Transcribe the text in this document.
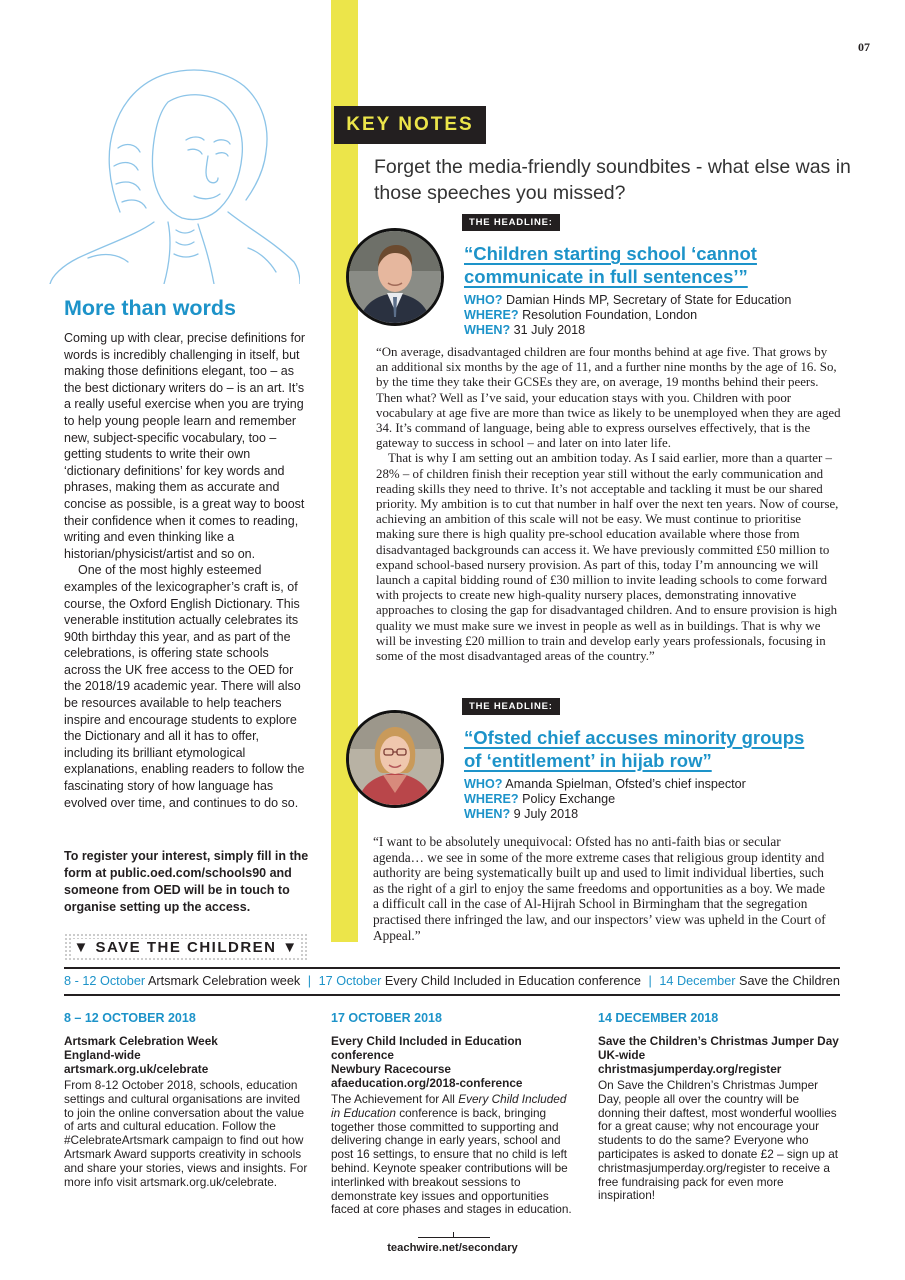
07
KEY NOTES
Forget the media-friendly soundbites - what else was in those speeches you missed?
THE HEADLINE:
“Children starting school ‘cannot
communicate in full sentences’”
WHO? Damian Hinds MP, Secretary of State for Education
WHERE? Resolution Foundation, London
WHEN? 31 July 2018

“On average, disadvantaged children are four months behind at age five. That grows by an additional six months by the age of 11, and a further nine months by the age of 16. So, by the time they take their GCSEs they are, on average, 19 months behind their peers. Then what? Well as I’ve said, your education stays with you. Children with poor vocabulary at age five are more than twice as likely to be unemployed when they are aged 34. It’s command of language, being able to express ourselves effectively, that is the gateway to success in school – and later on into later life.

That is why I am setting out an ambition today. As I said earlier, more than a quarter – 28% – of children finish their reception year still without the early communication and reading skills they need to thrive. It’s not acceptable and tackling it must be our shared priority. My ambition is to cut that number in half over the next ten years. Now of course, achieving an ambition of this scale will not be easy. We must continue to prioritise making sure there is high quality pre-school education available where those from disadvantaged backgrounds can access it. We have previously committed £50 million to expand school-based nursery provision. As part of this, today I’m announcing we will launch a capital bidding round of £30 million to invite leading schools to come forward with projects to create new high-quality nursery places, demonstrating innovative approaches to closing the gap for disadvantaged children. And to ensure provision is high quality we must make sure we invest in people as well as in buildings. That is why we will be investing £20 million to train and develop early years professionals, focusing in some of the most disadvantaged areas of the country.”

THE HEADLINE:
“Ofsted chief accuses minority groups
of ‘entitlement’ in hijab row”
WHO? Amanda Spielman, Ofsted’s chief inspector
WHERE? Policy Exchange
WHEN? 9 July 2018

“I want to be absolutely unequivocal: Ofsted has no anti-faith bias or secular agenda… we see in some of the more extreme cases that religious group identity and authority are being systematically built up and used to limit individual liberties, such as the right of a girl to enjoy the same freedoms and opportunities as a boy. We made a difficult call in the case of Al-Hijrah School in Birmingham that the segregation practised there infringed the law, and our inspectors’ view was upheld in the Court of Appeal.”

More than words

Coming up with clear, precise definitions for words is incredibly challenging in itself, but making those definitions elegant, too – as the best dictionary writers do – is an art. It’s a really useful exercise when you are trying to help young people learn and remember new, subject-specific vocabulary, too – getting students to write their own ‘dictionary definitions’ for key words and phrases, making them as accurate and concise as possible, is a great way to boost their confidence when it comes to reading, writing and even thinking like a historian/physicist/artist and so on.

One of the most highly esteemed examples of the lexicographer’s craft is, of course, the Oxford English Dictionary. This venerable institution actually celebrates its 90th birthday this year, and as part of the celebrations, is offering state schools across the UK free access to the OED for the 2018/19 academic year. There will also be resources available to help teachers inspire and encourage students to explore the Dictionary and all it has to offer, including its brilliant etymological explanations, enabling readers to follow the fascinating story of how language has evolved over time, and continues to do so.

To register your interest, simply fill in the form at public.oed.com/schools90 and someone from OED will be in touch to organise setting up the access.
▼ SAVE THE CHILDREN ▼
8 - 12 October Artsmark Celebration week | 17 October Every Child Included in Education conference | 14 December Save the Children
8 – 12 OCTOBER 2018
Artsmark Celebration Week
England-wide
artsmark.org.uk/celebrate
From 8-12 October 2018, schools, education settings and cultural organisations are invited to join the online conversation about the value of arts and cultural education. Follow the #CelebrateArtsmark campaign to find out how Artsmark Award supports creativity in schools and share your stories, views and insights. For more info visit artsmark.org.uk/celebrate.
17 OCTOBER 2018
Every Child Included in Education conference
Newbury Racecourse
afaeducation.org/2018-conference
The Achievement for All Every Child Included in Education conference is back, bringing together those committed to supporting and delivering change in early years, school and post 16 settings, to ensure that no child is left behind. Keynote speaker contributions will be interlinked with breakout sessions to demonstrate key issues and opportunities faced at core phases and stages in education.
14 DECEMBER 2018
Save the Children’s Christmas Jumper Day
UK-wide
christmasjumperday.org/register
On Save the Children’s Christmas Jumper Day, people all over the country will be donning their daftest, most wonderful woollies for a great cause; why not encourage your students to do the same? Everyone who participates is asked to donate £2 – sign up at christmasjumperday.org/register to receive a free fundraising pack for even more inspiration!
teachwire.net/secondary
